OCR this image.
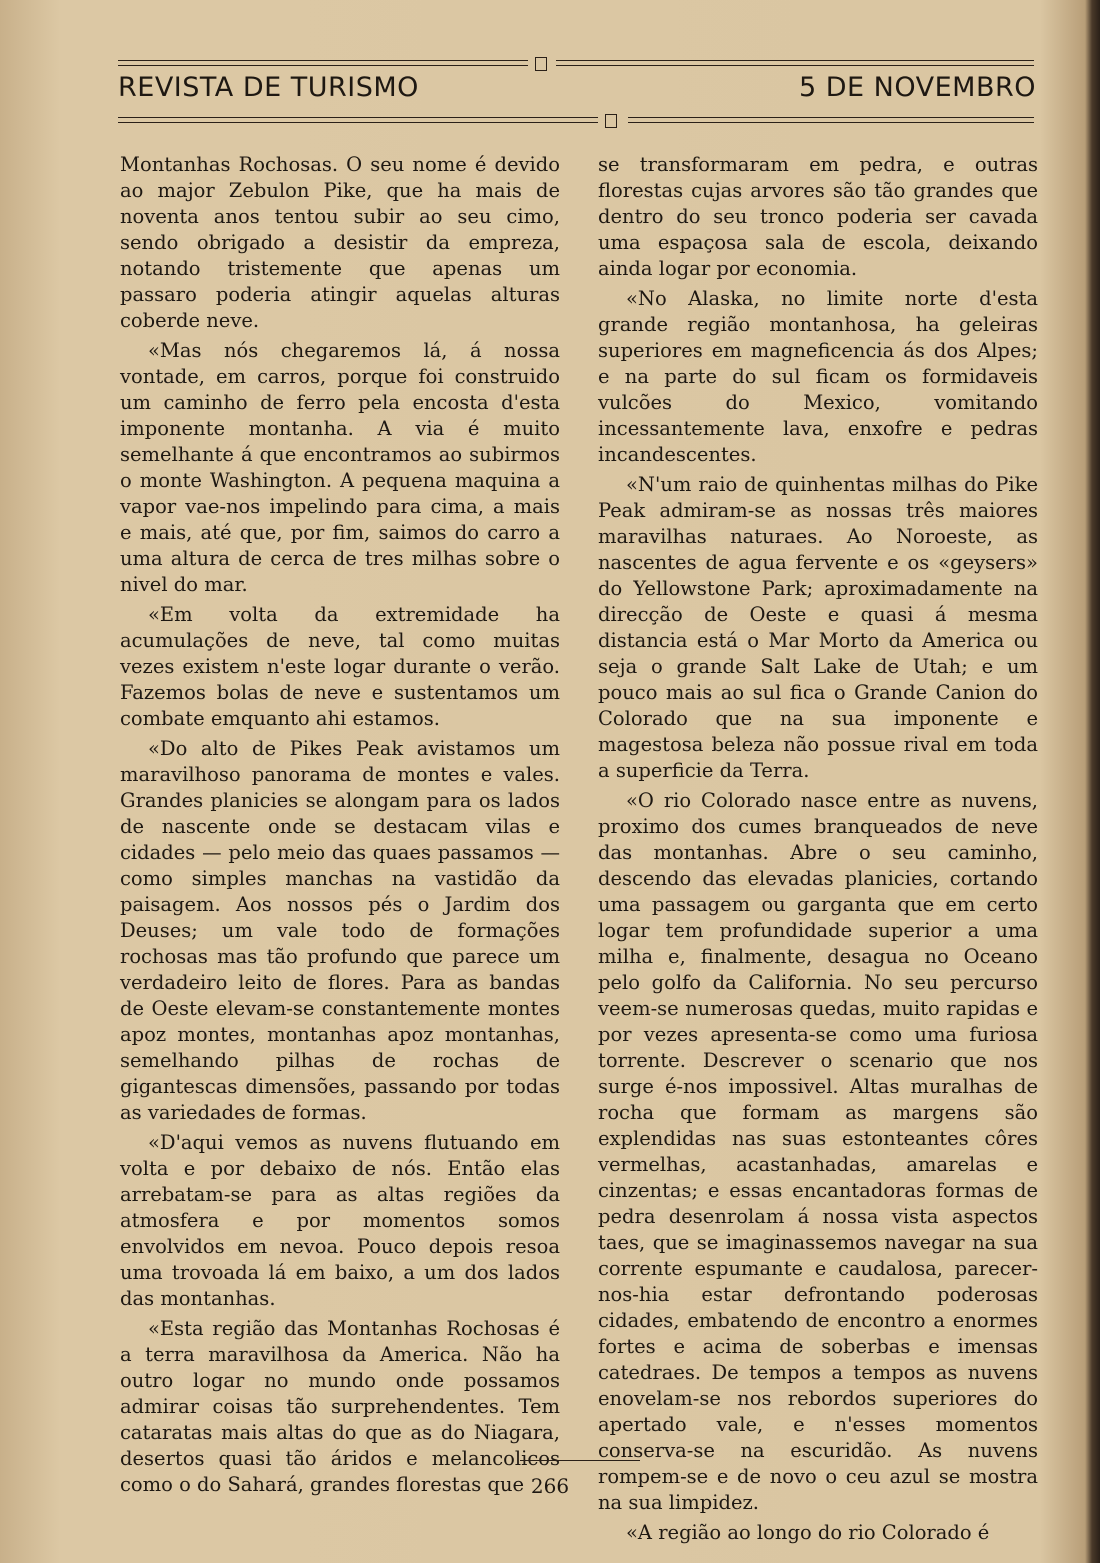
REVISTA DE TURISMO	5 DE NOVEMBRO

Montanhas Rochosas. O seu nome é devido ao major Zebulon Pike, que ha mais de noventa anos tentou subir ao seu cimo, sendo obrigado a desistir da empreza, notando tristemente que apenas um passaro poderia atingir aquelas alturas coberde neve.

«Mas nós chegaremos lá, á nossa vontade, em carros, porque foi construido um caminho de ferro pela encosta d'esta imponente montanha. A via é muito semelhante á que encontramos ao subirmos o monte Washington. A pequena maquina a vapor vae-nos impelindo para cima, a mais e mais, até que, por fim, saimos do carro a uma altura de cerca de tres milhas sobre o nivel do mar.

«Em volta da extremidade ha acumulações de neve, tal como muitas vezes existem n'este logar durante o verão. Fazemos bolas de neve e sustentamos um combate emquanto ahi estamos.

«Do alto de Pikes Peak avistamos um maravilhoso panorama de montes e vales. Grandes planicies se alongam para os lados de nascente onde se destacam vilas e cidades — pelo meio das quaes passamos — como simples manchas na vastidão da paisagem. Aos nossos pés o Jardim dos Deuses; um vale todo de formações rochosas mas tão profundo que parece um verdadeiro leito de flores. Para as bandas de Oeste elevam-se constantemente montes apoz montes, montanhas apoz montanhas, semelhando pilhas de rochas de gigantescas dimensões, passando por todas as variedades de formas.

«D'aqui vemos as nuvens flutuando em volta e por debaixo de nós. Então elas arrebatam-se para as altas regiões da atmosfera e por momentos somos envolvidos em nevoa. Pouco depois resoa uma trovoada lá em baixo, a um dos lados das montanhas.

«Esta região das Montanhas Rochosas é a terra maravilhosa da America. Não ha outro logar no mundo onde possamos admirar coisas tão surprehendentes. Tem cataratas mais altas do que as do Niagara, desertos quasi tão áridos e melancolicos como o do Sahará, grandes florestas que

se transformaram em pedra, e outras florestas cujas arvores são tão grandes que dentro do seu tronco poderia ser cavada uma espaçosa sala de escola, deixando ainda logar por economia.

«No Alaska, no limite norte d'esta grande região montanhosa, ha geleiras superiores em magneficencia ás dos Alpes; e na parte do sul ficam os formidaveis vulcões do Mexico, vomitando incessantemente lava, enxofre e pedras incandescentes.

«N'um raio de quinhentas milhas do Pike Peak admiram-se as nossas três maiores maravilhas naturaes. Ao Noroeste, as nascentes de agua fervente e os «geysers» do Yellowstone Park; aproximadamente na direcção de Oeste e quasi á mesma distancia está o Mar Morto da America ou seja o grande Salt Lake de Utah; e um pouco mais ao sul fica o Grande Canion do Colorado que na sua imponente e magestosa beleza não possue rival em toda a superficie da Terra.

«O rio Colorado nasce entre as nuvens, proximo dos cumes branqueados de neve das montanhas. Abre o seu caminho, descendo das elevadas planicies, cortando uma passagem ou garganta que em certo logar tem profundidade superior a uma milha e, finalmente, desagua no Oceano pelo golfo da California. No seu percurso veem-se numerosas quedas, muito rapidas e por vezes apresenta-se como uma furiosa torrente. Descrever o scenario que nos surge é-nos impossivel. Altas muralhas de rocha que formam as margens são explendidas nas suas estonteantes côres vermelhas, acastanhadas, amarelas e cinzentas; e essas encantadoras formas de pedra desenrolam á nossa vista aspectos taes, que se imaginassemos navegar na sua corrente espumante e caudalosa, parecer-nos-hia estar defrontando poderosas cidades, embatendo de encontro a enormes fortes e acima de soberbas e imensas catedraes. De tempos a tempos as nuvens enovelam-se nos rebordos superiores do apertado vale, e n'esses momentos conserva-se na escuridão. As nuvens rompem-se e de novo o ceu azul se mostra na sua limpidez.

«A região ao longo do rio Colorado é

266
